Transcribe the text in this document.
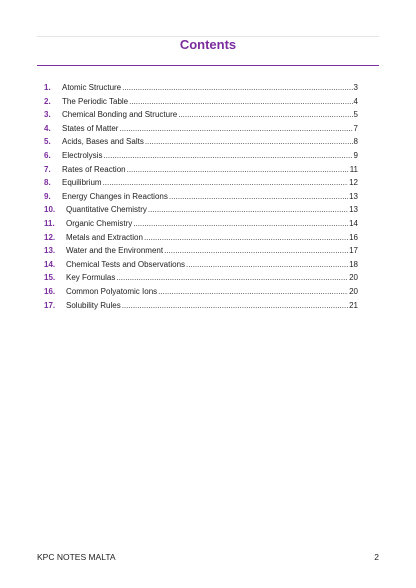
Contents
1.	Atomic Structure .....	3
2.	The Periodic Table .....	4
3.	Chemical Bonding and Structure .....	5
4.	States of Matter .....	7
5.	Acids, Bases and Salts .....	8
6.	Electrolysis .....	9
7.	Rates of Reaction .....	11
8.	Equilibrium .....	12
9.	Energy Changes in Reactions .....	13
10.	Quantitative Chemistry .....	13
11.	Organic Chemistry .....	14
12.	Metals and Extraction .....	16
13.	Water and the Environment .....	17
14.	Chemical Tests and Observations .....	18
15.	Key Formulas .....	20
16.	Common Polyatomic Ions .....	20
17.	Solubility Rules .....	21
KPC NOTES MALTA	2
